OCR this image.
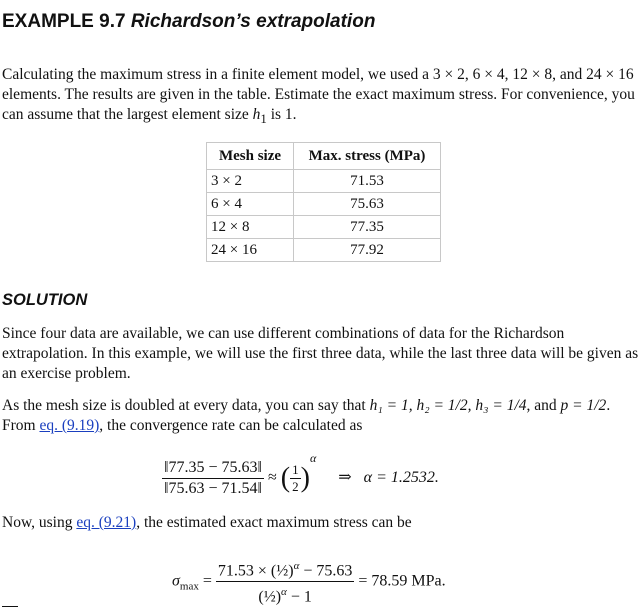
EXAMPLE 9.7 Richardson’s extrapolation

Calculating the maximum stress in a finite element model, we used a 3 × 2, 6 × 4, 12 × 8, and 24 × 16 elements. The results are given in the table. Estimate the exact maximum stress. For convenience, you can assume that the largest element size $h_1$ is 1.

Mesh size	Max. stress (MPa)
3 × 2	71.53
6 × 4	75.63
12 × 8	77.35
24 × 16	77.92
SOLUTION

Since four data are available, we can use different combinations of data for the Richardson extrapolation. In this example, we will use the first three data, while the last three data will be given as an exercise problem.

As the mesh size is doubled at every data, you can say that h₁ = 1, h₂ = 1/2, h₃ = 1/4, and p = 1/2. From eq. (9.19), the convergence rate can be calculated as

$\frac{‖77.35 - 75.63‖}{‖75.63 - 71.54‖}$ ≈ ( $\frac{1}{2} )^\alpha$ ⇒ α = 1.2532.

Now, using eq. (9.21), the estimated exact maximum stress can be

$\sigma_{max} = \frac{71.53 \times (\frac{1}{2})^\alpha - 75.63}{(\frac{1}{2})^\alpha - 1} = 78.59$ MPa.
